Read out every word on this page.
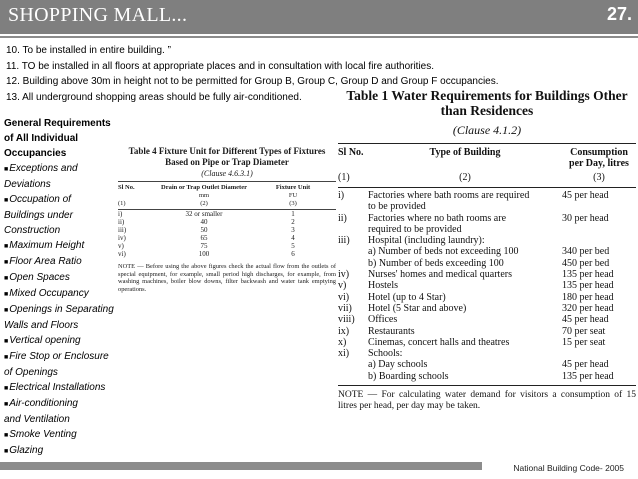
SHOPPING MALL...	27.
10. To be installed in entire building. ”
11. TO be installed in all floors at appropriate places and in consultation with local fire authorities.
12. Building above 30m in height not to be permitted for Group B, Group C, Group D and Group F occupancies.
13. All underground shopping areas should be fully air-conditioned.
General Requirements
of All Individual
Occupancies
■Exceptions and
Deviations
■Occupation of
Buildings under
Construction
■Maximum Height
■Floor Area Ratio
■Open Spaces
■Mixed Occupancy
■Openings in Separating
Walls and Floors
■Vertical opening
■Fire Stop or Enclosure
of Openings
■Electrical Installations
■Air-conditioning
and Ventilation
■Smoke Venting
■Glazing
Table 4 Fixture Unit for Different Types of Fixtures Based on Pipe or Trap Diameter
(Clause 4.6.3.1)
Sl No.	Drain or Trap Outlet Diameter	Fixture Unit
mm	FU
(1)	(2)	(3)
i)	32 or smaller	1
ii)	40	2
iii)	50	3
iv)	65	4
v)	75	5
vi)	100	6
NOTE — Before using the above figures check the actual flow from the outlets of special equipment, for example, small period high discharges, for example, from washing machines, boiler blow downs, filter backwash and water tank emptying operations.
Table 1 Water Requirements for Buildings Other than Residences
(Clause 4.1.2)
Sl No.	Type of Building	Consumption per Day, litres
(1)	(2)	(3)
i)	Factories where bath rooms are required	45 per head
to be provided
ii)	Factories where no bath rooms are	30 per head
required to be provided
iii)	Hospital (including laundry):
a) Number of beds not exceeding 100	340 per bed
b) Number of beds exceeding 100	450 per bed
iv)	Nurses' homes and medical quarters	135 per head
v)	Hostels	135 per head
vi)	Hotel (up to 4 Star)	180 per head
vii)	Hotel (5 Star and above)	320 per head
viii)	Offices	45 per head
ix)	Restaurants	70 per seat
x)	Cinemas, concert halls and theatres	15 per seat
xi)	Schools:
a) Day schools	45 per head
b) Boarding schools	135 per head
NOTE — For calculating water demand for visitors a consumption of 15 litres per head, per day may be taken.
National Building Code- 2005
